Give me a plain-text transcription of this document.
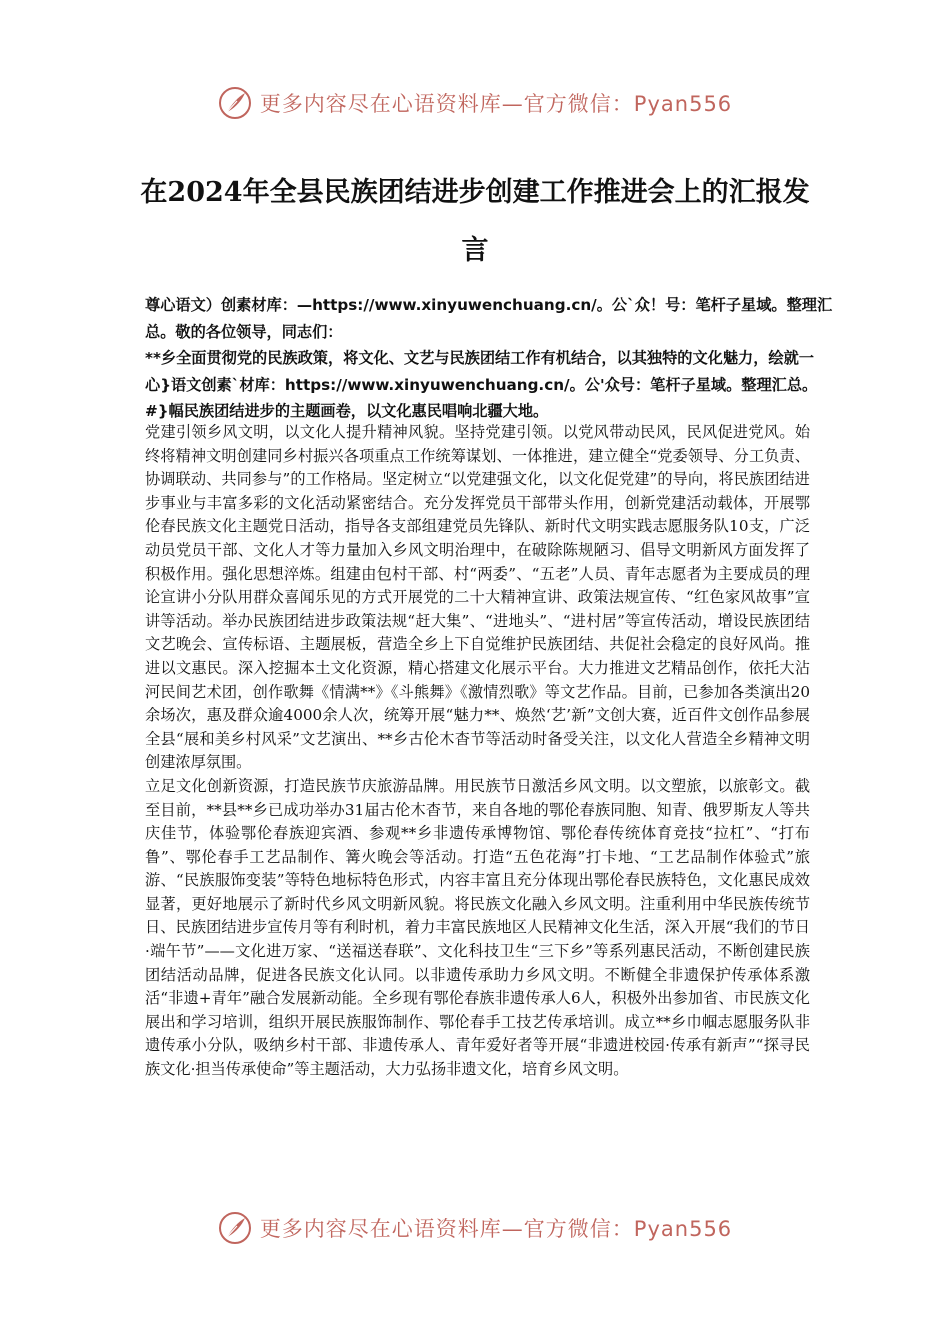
更多内容尽在心语资料库—官方微信：Pyan556
在2024年全县民族团结进步创建工作推进会上的汇报发言

尊心语文）创素材库：—https://www.xinyuwenchuang.cn/。公`众！号：笔杆子星域。整理汇总。敬的各位领导，同志们：

**乡全面贯彻党的民族政策，将文化、文艺与民族团结工作有机结合，以其独特的文化魅力，绘就一心}语文创素`材库：https://www.xinyuwenchuang.cn/。公'众号：笔杆子星域。整理汇总。#}幅民族团结进步的主题画卷，以文化惠民唱响北疆大地。

党建引领乡风文明，以文化人提升精神风貌。坚持党建引领。以党风带动民风，民风促进党风。始终将精神文明创建同乡村振兴各项重点工作统筹谋划、一体推进，建立健全“党委领导、分工负责、协调联动、共同参与”的工作格局。坚定树立“以党建强文化，以文化促党建”的导向，将民族团结进步事业与丰富多彩的文化活动紧密结合。充分发挥党员干部带头作用，创新党建活动载体，开展鄂伦春民族文化主题党日活动，指导各支部组建党员先锋队、新时代文明实践志愿服务队10支，广泛动员党员干部、文化人才等力量加入乡风文明治理中，在破除陈规陋习、倡导文明新风方面发挥了积极作用。强化思想淬炼。组建由包村干部、村“两委”、“五老”人员、青年志愿者为主要成员的理论宣讲小分队用群众喜闻乐见的方式开展党的二十大精神宣讲、政策法规宣传、“红色家风故事”宣讲等活动。举办民族团结进步政策法规“赶大集”、“进地头”、“进村居”等宣传活动，增设民族团结文艺晚会、宣传标语、主题展板，营造全乡上下自觉维护民族团结、共促社会稳定的良好风尚。推进以文惠民。深入挖掘本土文化资源，精心搭建文化展示平台。大力推进文艺精品创作，依托大沾河民间艺术团，创作歌舞《情满**》《斗熊舞》《激情烈歌》等文艺作品。目前，已参加各类演出20余场次，惠及群众逾4000余人次，统筹开展“魅力**、焕然‘艺’新”文创大赛，近百件文创作品参展全县“展和美乡村风采”文艺演出、**乡古伦木杳节等活动时备受关注，以文化人营造全乡精神文明创建浓厚氛围。

立足文化创新资源，打造民族节庆旅游品牌。用民族节日激活乡风文明。以文塑旅，以旅彰文。截至目前，**县**乡已成功举办31届古伦木杳节，来自各地的鄂伦春族同胞、知青、俄罗斯友人等共庆佳节，体验鄂伦春族迎宾酒、参观**乡非遗传承博物馆、鄂伦春传统体育竞技“拉杠”、“打布鲁”、鄂伦春手工艺品制作、篝火晚会等活动。打造“五色花海”打卡地、“工艺品制作体验式”旅游、“民族服饰变装”等特色地标特色形式，内容丰富且充分体现出鄂伦春民族特色，文化惠民成效显著，更好地展示了新时代乡风文明新风貌。将民族文化融入乡风文明。注重利用中华民族传统节日、民族团结进步宣传月等有利时机，着力丰富民族地区人民精神文化生活，深入开展“我们的节日·端午节”——文化进万家、“送福送春联”、文化科技卫生“三下乡”等系列惠民活动，不断创建民族团结活动品牌，促进各民族文化认同。以非遗传承助力乡风文明。不断健全非遗保护传承体系激活“非遗+青年”融合发展新动能。全乡现有鄂伦春族非遗传承人6人，积极外出参加省、市民族文化展出和学习培训，组织开展民族服饰制作、鄂伦春手工技艺传承培训。成立**乡巾帼志愿服务队非遗传承小分队，吸纳乡村干部、非遗传承人、青年爱好者等开展“非遗进校园·传承有新声”“探寻民族文化·担当传承使命”等主题活动，大力弘扬非遗文化，培育乡风文明。

更多内容尽在心语资料库—官方微信：Pyan556
